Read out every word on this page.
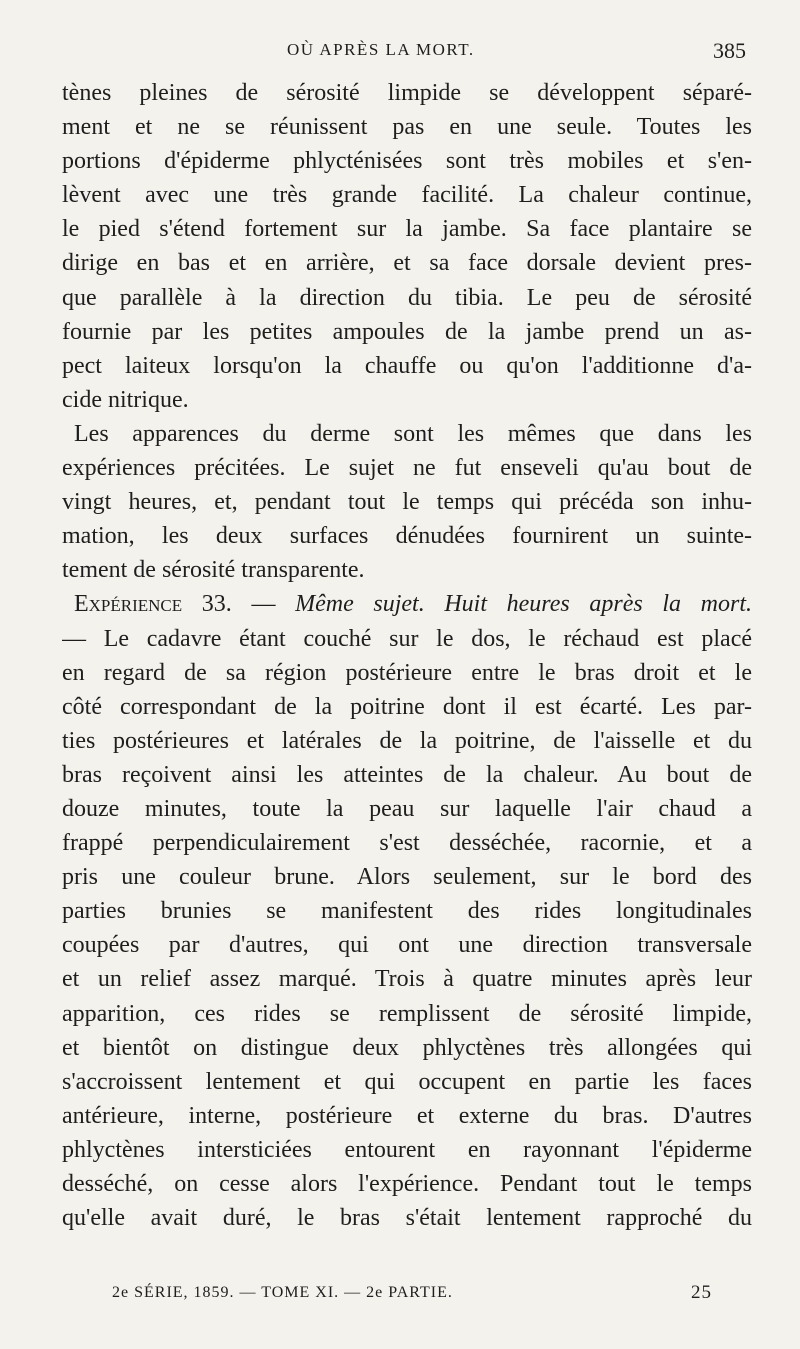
OÙ APRÈS LA MORT.	385
tènes pleines de sérosité limpide se développent séparé-
ment et ne se réunissent pas en une seule. Toutes les
portions d'épiderme phlycténisées sont très mobiles et s'en-
lèvent avec une très grande facilité. La chaleur continue,
le pied s'étend fortement sur la jambe. Sa face plantaire se
dirige en bas et en arrière, et sa face dorsale devient pres-
que parallèle à la direction du tibia. Le peu de sérosité
fournie par les petites ampoules de la jambe prend un as-
pect laiteux lorsqu'on la chauffe ou qu'on l'additionne d'a-
cide nitrique.
Les apparences du derme sont les mêmes que dans les
expériences précitées. Le sujet ne fut enseveli qu'au bout de
vingt heures, et, pendant tout le temps qui précéda son inhu-
mation, les deux surfaces dénudées fournirent un suinte-
tement de sérosité transparente.
Expérience 33. — Même sujet. Huit heures après la mort.
— Le cadavre étant couché sur le dos, le réchaud est placé
en regard de sa région postérieure entre le bras droit et le
côté correspondant de la poitrine dont il est écarté. Les par-
ties postérieures et latérales de la poitrine, de l'aisselle et du
bras reçoivent ainsi les atteintes de la chaleur. Au bout de
douze minutes, toute la peau sur laquelle l'air chaud a
frappé perpendiculairement s'est desséchée, racornie, et a
pris une couleur brune. Alors seulement, sur le bord des
parties brunies se manifestent des rides longitudinales
coupées par d'autres, qui ont une direction transversale
et un relief assez marqué. Trois à quatre minutes après leur
apparition, ces rides se remplissent de sérosité limpide,
et bientôt on distingue deux phlyctènes très allongées qui
s'accroissent lentement et qui occupent en partie les faces
antérieure, interne, postérieure et externe du bras. D'autres
phlyctènes intersticiées entourent en rayonnant l'épiderme
desséché, on cesse alors l'expérience. Pendant tout le temps
qu'elle avait duré, le bras s'était lentement rapproché du
2e SÉRIE, 1859. — TOME XI. — 2e PARTIE.	25
